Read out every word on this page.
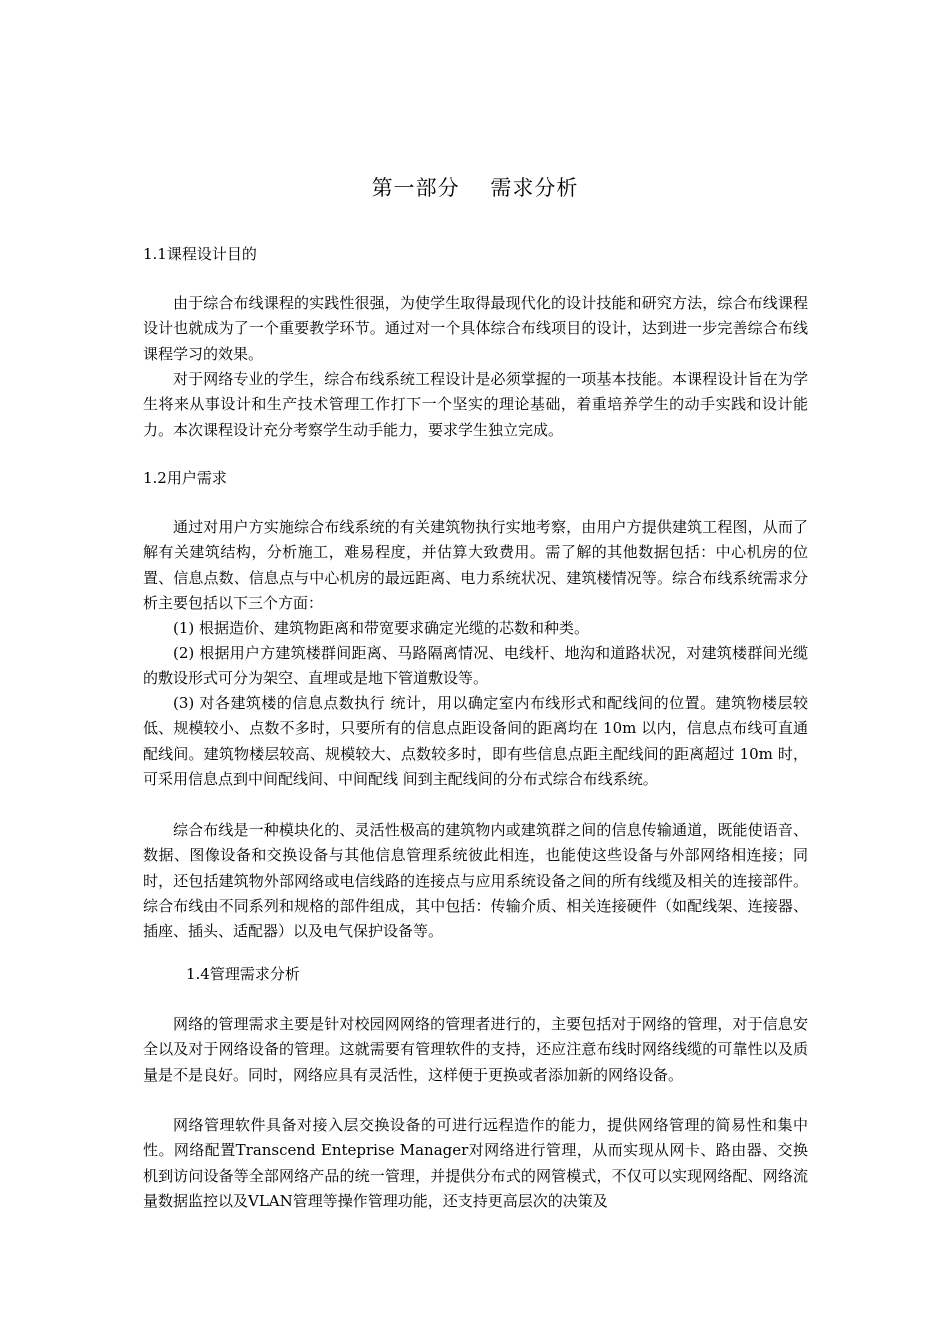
第一部分    需求分析
1.1课程设计目的

由于综合布线课程的实践性很强，为使学生取得最现代化的设计技能和研究方法，综合布线课程设计也就成为了一个重要教学环节。通过对一个具体综合布线项目的设计，达到进一步完善综合布线课程学习的效果。

对于网络专业的学生，综合布线系统工程设计是必须掌握的一项基本技能。本课程设计旨在为学生将来从事设计和生产技术管理工作打下一个坚实的理论基础，着重培养学生的动手实践和设计能力。本次课程设计充分考察学生动手能力，要求学生独立完成。

1.2用户需求

通过对用户方实施综合布线系统的有关建筑物执行实地考察，由用户方提供建筑工程图，从而了解有关建筑结构，分析施工，难易程度，并估算大致费用。需了解的其他数据包括：中心机房的位置、信息点数、信息点与中心机房的最远距离、电力系统状况、建筑楼情况等。综合布线系统需求分析主要包括以下三个方面：

(1) 根据造价、建筑物距离和带宽要求确定光缆的芯数和种类。

(2) 根据用户方建筑楼群间距离、马路隔离情况、电线杆、地沟和道路状况，对建筑楼群间光缆的敷设形式可分为架空、直埋或是地下管道敷设等。

(3) 对各建筑楼的信息点数执行 统计，用以确定室内布线形式和配线间的位置。建筑物楼层较低、规模较小、点数不多时，只要所有的信息点距设备间的距离均在 10m 以内，信息点布线可直通配线间。建筑物楼层较高、规模较大、点数较多时，即有些信息点距主配线间的距离超过 10m 时，可采用信息点到中间配线间、中间配线 间到主配线间的分布式综合布线系统。

综合布线是一种模块化的、灵活性极高的建筑物内或建筑群之间的信息传输通道，既能使语音、数据、图像设备和交换设备与其他信息管理系统彼此相连，也能使这些设备与外部网络相连接；同时，还包括建筑物外部网络或电信线路的连接点与应用系统设备之间的所有线缆及相关的连接部件。综合布线由不同系列和规格的部件组成，其中包括：传输介质、相关连接硬件（如配线架、连接器、插座、插头、适配器）以及电气保护设备等。

1.4管理需求分析

网络的管理需求主要是针对校园网网络的管理者进行的，主要包括对于网络的管理，对于信息安全以及对于网络设备的管理。这就需要有管理软件的支持，还应注意布线时网络线缆的可靠性以及质量是不是良好。同时，网络应具有灵活性，这样便于更换或者添加新的网络设备。

网络管理软件具备对接入层交换设备的可进行远程造作的能力，提供网络管理的简易性和集中性。网络配置Transcend Enteprise Manager对网络进行管理，从而实现从网卡、路由器、交换机到访问设备等全部网络产品的统一管理，并提供分布式的网管模式，不仅可以实现网络配、网络流量数据监控以及VLAN管理等操作管理功能，还支持更高层次的决策及
